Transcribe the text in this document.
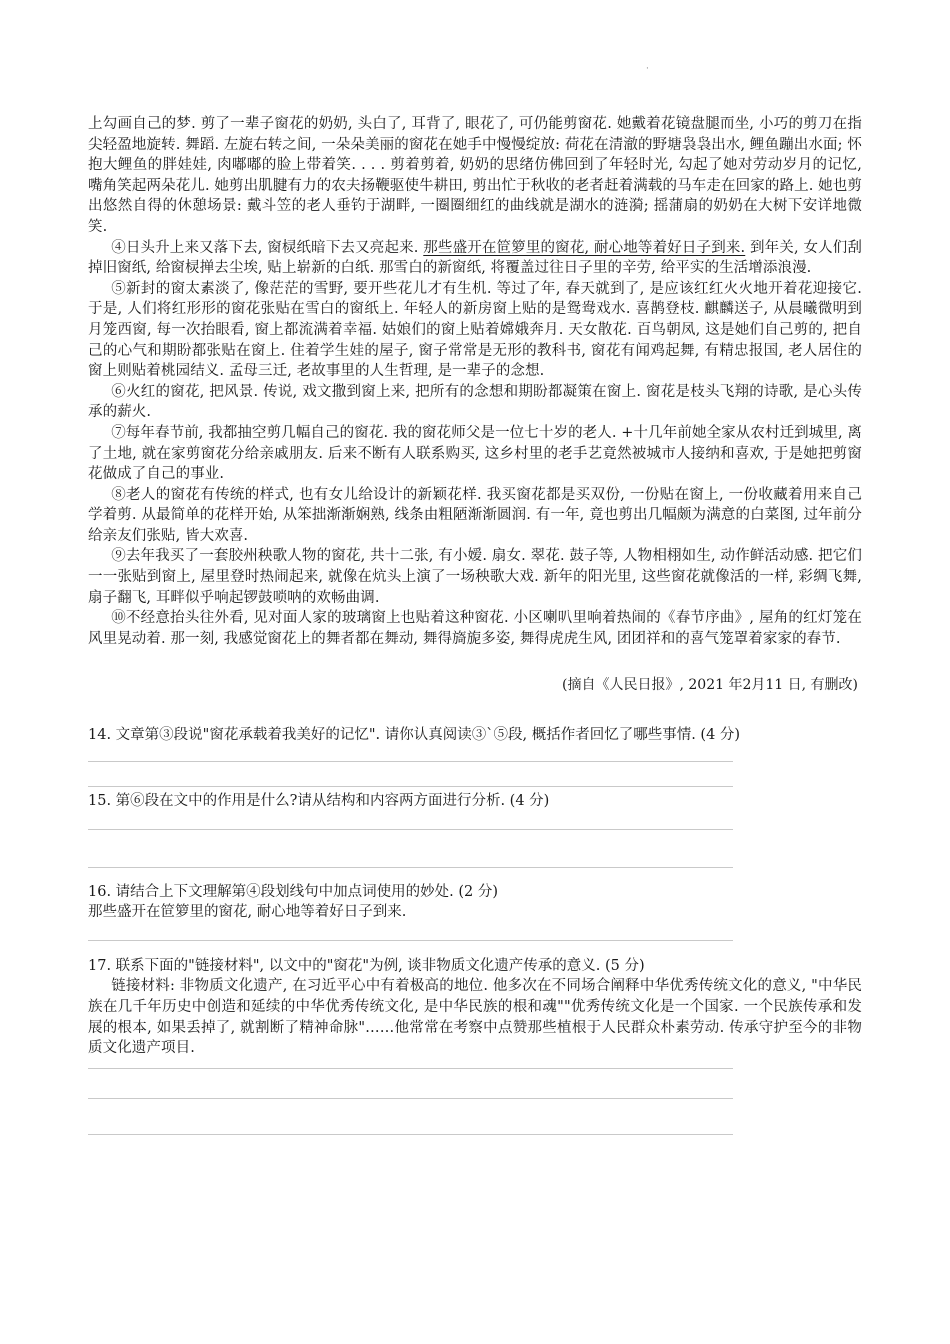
·

上勾画自己的梦. 剪了一辈子窗花的奶奶, 头白了, 耳背了, 眼花了, 可仍能剪窗花. 她戴着花镜盘腿而坐, 小巧的剪刀在指尖轻盈地旋转. 舞蹈. 左旋右转之间, 一朵朵美丽的窗花在她手中慢慢绽放: 荷花在清澈的野塘袅袅出水, 鲤鱼蹦出水面; 怀抱大鲤鱼的胖娃娃, 肉嘟嘟的脸上带着笑. . . . 剪着剪着, 奶奶的思绪仿佛回到了年轻时光, 勾起了她对劳动岁月的记忆, 嘴角笑起两朵花儿. 她剪出肌腱有力的农夫扬鞭驱使牛耕田, 剪出忙于秋收的老者赶着满载的马车走在回家的路上. 她也剪出悠然自得的休憩场景: 戴斗笠的老人垂钓于湖畔, 一圈圈细红的曲线就是湖水的涟漪; 摇蒲扇的奶奶在大树下安详地微笑.

④日头升上来又落下去, 窗棂纸暗下去又亮起来. 那些盛开在笸箩里的窗花, 耐心地等着好日子到来. 到年关, 女人们刮掉旧窗纸, 给窗棂掸去尘埃, 贴上崭新的白纸. 那雪白的新窗纸, 将覆盖过往日子里的辛劳, 给平实的生活增添浪漫.

⑤新封的窗太素淡了, 像茫茫的雪野, 要开些花儿才有生机. 等过了年, 春天就到了, 是应该红红火火地开着花迎接它. 于是, 人们将红形形的窗花张贴在雪白的窗纸上. 年轻人的新房窗上贴的是鸳鸯戏水. 喜鹊登枝. 麒麟送子, 从晨曦微明到月笼西窗, 每一次抬眼看, 窗上都流满着幸福. 姑娘们的窗上贴着嫦娥奔月. 天女散花. 百鸟朝凤, 这是她们自己剪的, 把自己的心气和期盼都张贴在窗上. 住着学生娃的屋子, 窗子常常是无形的教科书, 窗花有闻鸡起舞, 有精忠报国, 老人居住的窗上则贴着桃园结义. 孟母三迁, 老故事里的人生哲理, 是一辈子的念想.

⑥火红的窗花, 把风景. 传说, 戏文撒到窗上来, 把所有的念想和期盼都凝策在窗上. 窗花是枝头飞翔的诗歌, 是心头传承的薪火.

⑦每年春节前, 我都抽空剪几幅自己的窗花. 我的窗花师父是一位七十岁的老人. +十几年前她全家从农村迁到城里, 离了土地, 就在家剪窗花分给亲戚朋友. 后来不断有人联系购买, 这乡村里的老手艺竟然被城市人接纳和喜欢, 于是她把剪窗花做成了自己的事业.

⑧老人的窗花有传统的样式, 也有女儿给设计的新颖花样. 我买窗花都是买双份, 一份贴在窗上, 一份收藏着用来自己学着剪. 从最简单的花样开始, 从笨拙渐渐娴熟, 线条由粗陋渐渐圆润. 有一年, 竟也剪出几幅颇为满意的白菜图, 过年前分给亲友们张贴, 皆大欢喜.

⑨去年我买了一套胶州秧歌人物的窗花, 共十二张, 有小嫒. 扇女. 翠花. 鼓子等, 人物相栩如生, 动作鲜活动感. 把它们一一张贴到窗上, 屋里登时热闹起来, 就像在炕头上演了一场秧歌大戏. 新年的阳光里, 这些窗花就像活的一样, 彩绸飞舞, 扇子翻飞, 耳畔似乎响起锣鼓唢呐的欢畅曲调.

⑩不经意抬头往外看, 见对面人家的玻璃窗上也贴着这种窗花. 小区喇叭里响着热闹的《春节序曲》, 屋角的红灯笼在风里晃动着. 那一刻, 我感觉窗花上的舞者都在舞动, 舞得旖旎多姿, 舞得虎虎生风, 团团祥和的喜气笼罩着家家的春节.

(摘自《人民日报》, 2021 年2月11 日, 有删改)

14. 文章第③段说"窗花承载着我美好的记忆". 请你认真阅读③`⑤段, 概括作者回忆了哪些事情. (4 分)

15. 第⑥段在文中的作用是什么?请从结构和内容两方面进行分析. (4 分)

16. 请结合上下文理解第④段划线句中加点词使用的妙处. (2 分)

那些盛开在笸箩里的窗花, 耐心地等着好日子到来.

17. 联系下面的"链接材料", 以文中的"窗花"为例, 谈非物质文化遗产传承的意义. (5 分)

链接材料: 非物质文化遗产, 在习近平心中有着极高的地位. 他多次在不同场合阐释中华优秀传统文化的意义, "中华民族在几千年历史中创造和延续的中华优秀传统文化, 是中华民族的根和魂""优秀传统文化是一个国家. 一个民族传承和发展的根本, 如果丢掉了, 就割断了精神命脉"……他常常在考察中点赞那些植根于人民群众朴素劳动. 传承守护至今的非物质文化遗产项目.
